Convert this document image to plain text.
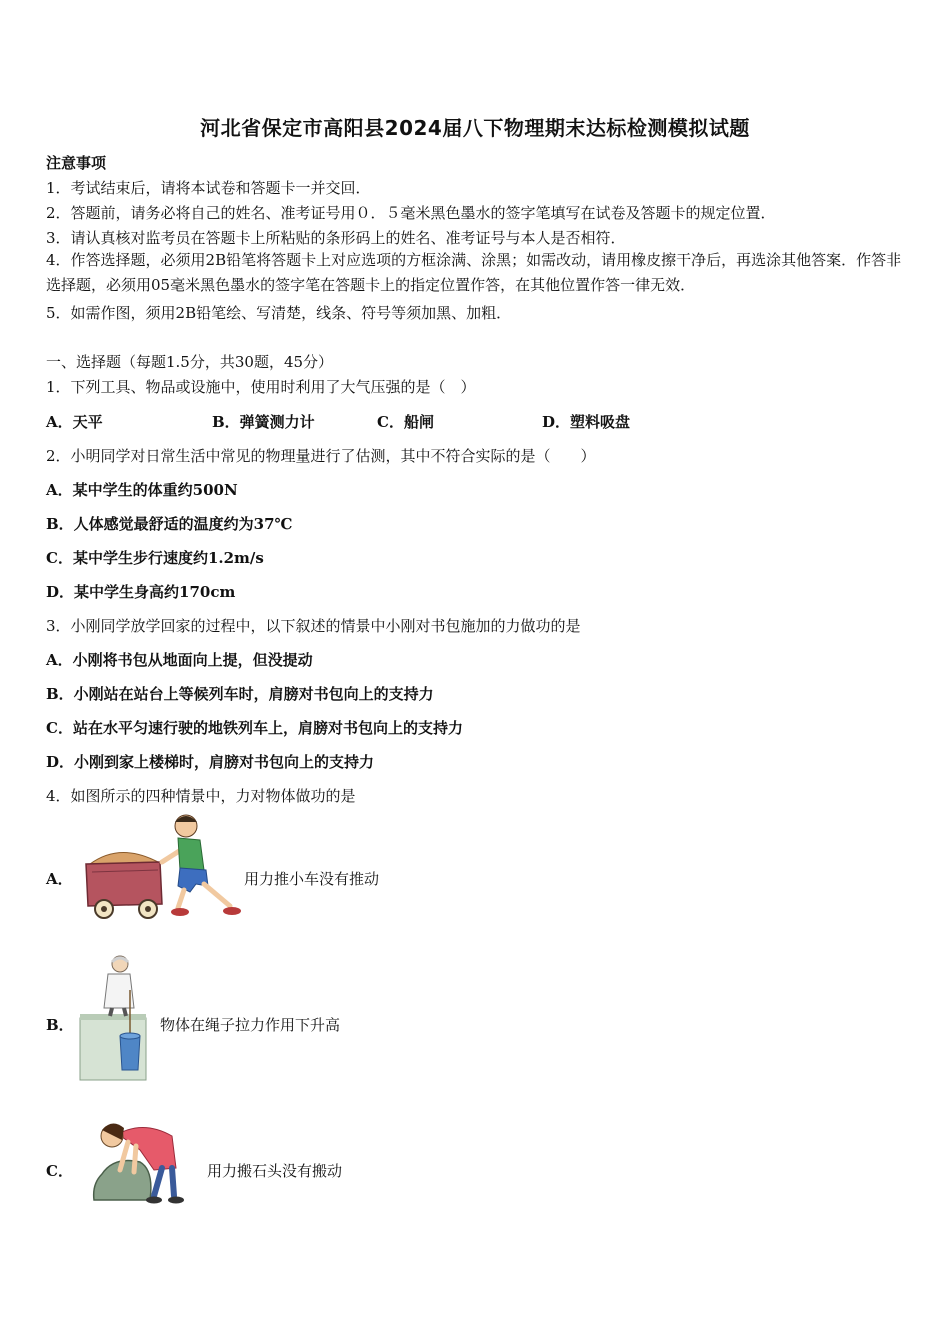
河北省保定市高阳县2024届八下物理期末达标检测模拟试题
注意事项
1．考试结束后，请将本试卷和答题卡一并交回．
2．答题前，请务必将自己的姓名、准考证号用０．５毫米黑色墨水的签字笔填写在试卷及答题卡的规定位置．
3．请认真核对监考员在答题卡上所粘贴的条形码上的姓名、准考证号与本人是否相符．
4．作答选择题，必须用2B铅笔将答题卡上对应选项的方框涂满、涂黑；如需改动，请用橡皮擦干净后，再选涂其他答案．作答非选择题，必须用05毫米黑色墨水的签字笔在答题卡上的指定位置作答，在其他位置作答一律无效．
5．如需作图，须用2B铅笔绘、写清楚，线条、符号等须加黑、加粗．
一、选择题（每题1.5分，共30题，45分）
1．下列工具、物品或设施中，使用时利用了大气压强的是（　）
A．天平	B．弹簧测力计	C．船闸	D．塑料吸盘
2．小明同学对日常生活中常见的物理量进行了估测，其中不符合实际的是（　　）
A．某中学生的体重约500N
B．人体感觉最舒适的温度约为37℃
C．某中学生步行速度约1.2m/s
D．某中学生身高约170cm
3．小刚同学放学回家的过程中，以下叙述的情景中小刚对书包施加的力做功的是
A．小刚将书包从地面向上提，但没提动
B．小刚站在站台上等候列车时，肩膀对书包向上的支持力
C．站在水平匀速行驶的地铁列车上，肩膀对书包向上的支持力
D．小刚到家上楼梯时，肩膀对书包向上的支持力
4．如图所示的四种情景中，力对物体做功的是
A．	用力推小车没有推动
B．	物体在绳子拉力作用下升高
C．	用力搬石头没有搬动
